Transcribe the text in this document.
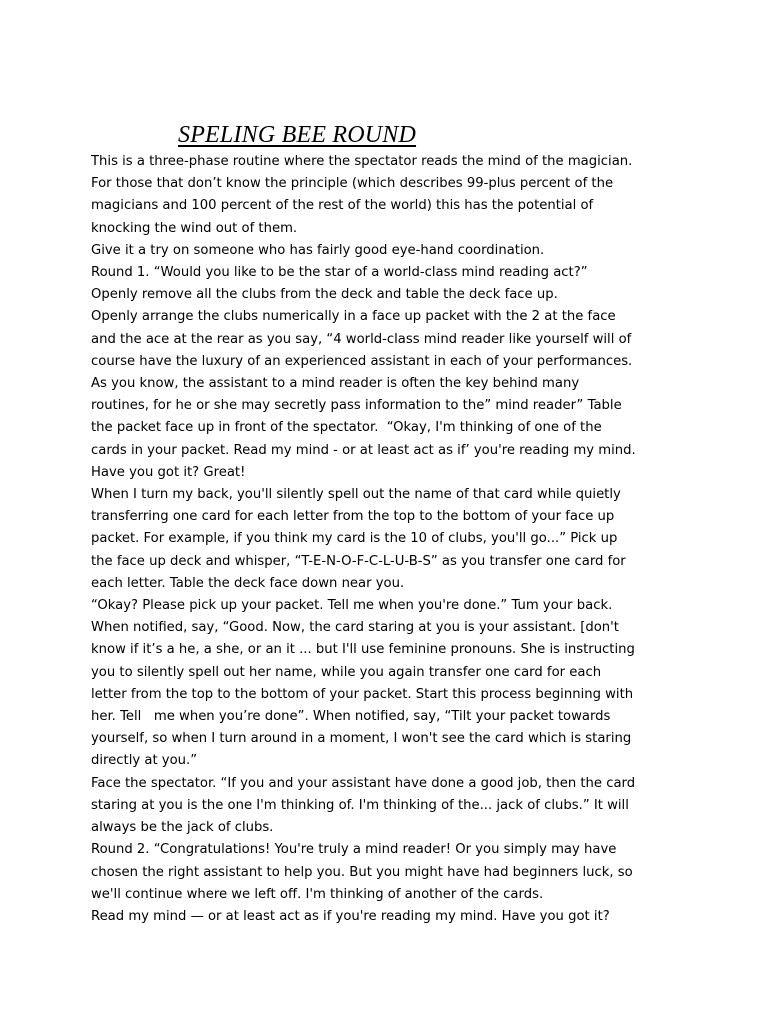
SPELING BEE ROUND
This is a three-phase routine where the spectator reads the mind of the magician.
For those that don’t know the principle (which describes 99-plus percent of the
magicians and 100 percent of the rest of the world) this has the potential of
knocking the wind out of them.
Give it a try on someone who has fairly good eye-hand coordination.
Round 1. “Would you like to be the star of a world-class mind reading act?”
Openly remove all the clubs from the deck and table the deck face up.
Openly arrange the clubs numerically in a face up packet with the 2 at the face
and the ace at the rear as you say, “4 world-class mind reader like yourself will of
course have the luxury of an experienced assistant in each of your performances.
As you know, the assistant to a mind reader is often the key behind many
routines, for he or she may secretly pass information to the” mind reader” Table
the packet face up in front of the spectator.  “Okay, I'm thinking of one of the
cards in your packet. Read my mind - or at least act as if’ you're reading my mind.
Have you got it? Great!
When I turn my back, you'll silently spell out the name of that card while quietly
transferring one card for each letter from the top to the bottom of your face up
packet. For example, if you think my card is the 10 of clubs, you'll go...” Pick up
the face up deck and whisper, “T-E-N-O-F-C-L-U-B-S” as you transfer one card for
each letter. Table the deck face down near you.
“Okay? Please pick up your packet. Tell me when you're done.” Tum your back.
When notified, say, “Good. Now, the card staring at you is your assistant. [don't
know if it’s a he, a she, or an it ... but I'll use feminine pronouns. She is instructing
you to silently spell out her name, while you again transfer one card for each
letter from the top to the bottom of your packet. Start this process beginning with
her. Tell   me when you’re done”. When notified, say, “Tilt your packet towards
yourself, so when I turn around in a moment, I won't see the card which is staring
directly at you.”
Face the spectator. “If you and your assistant have done a good job, then the card
staring at you is the one I'm thinking of. I'm thinking of the... jack of clubs.” It will
always be the jack of clubs.
Round 2. “Congratulations! You're truly a mind reader! Or you simply may have
chosen the right assistant to help you. But you might have had beginners luck, so
we'll continue where we left off. I'm thinking of another of the cards.
Read my mind — or at least act as if you're reading my mind. Have you got it?
